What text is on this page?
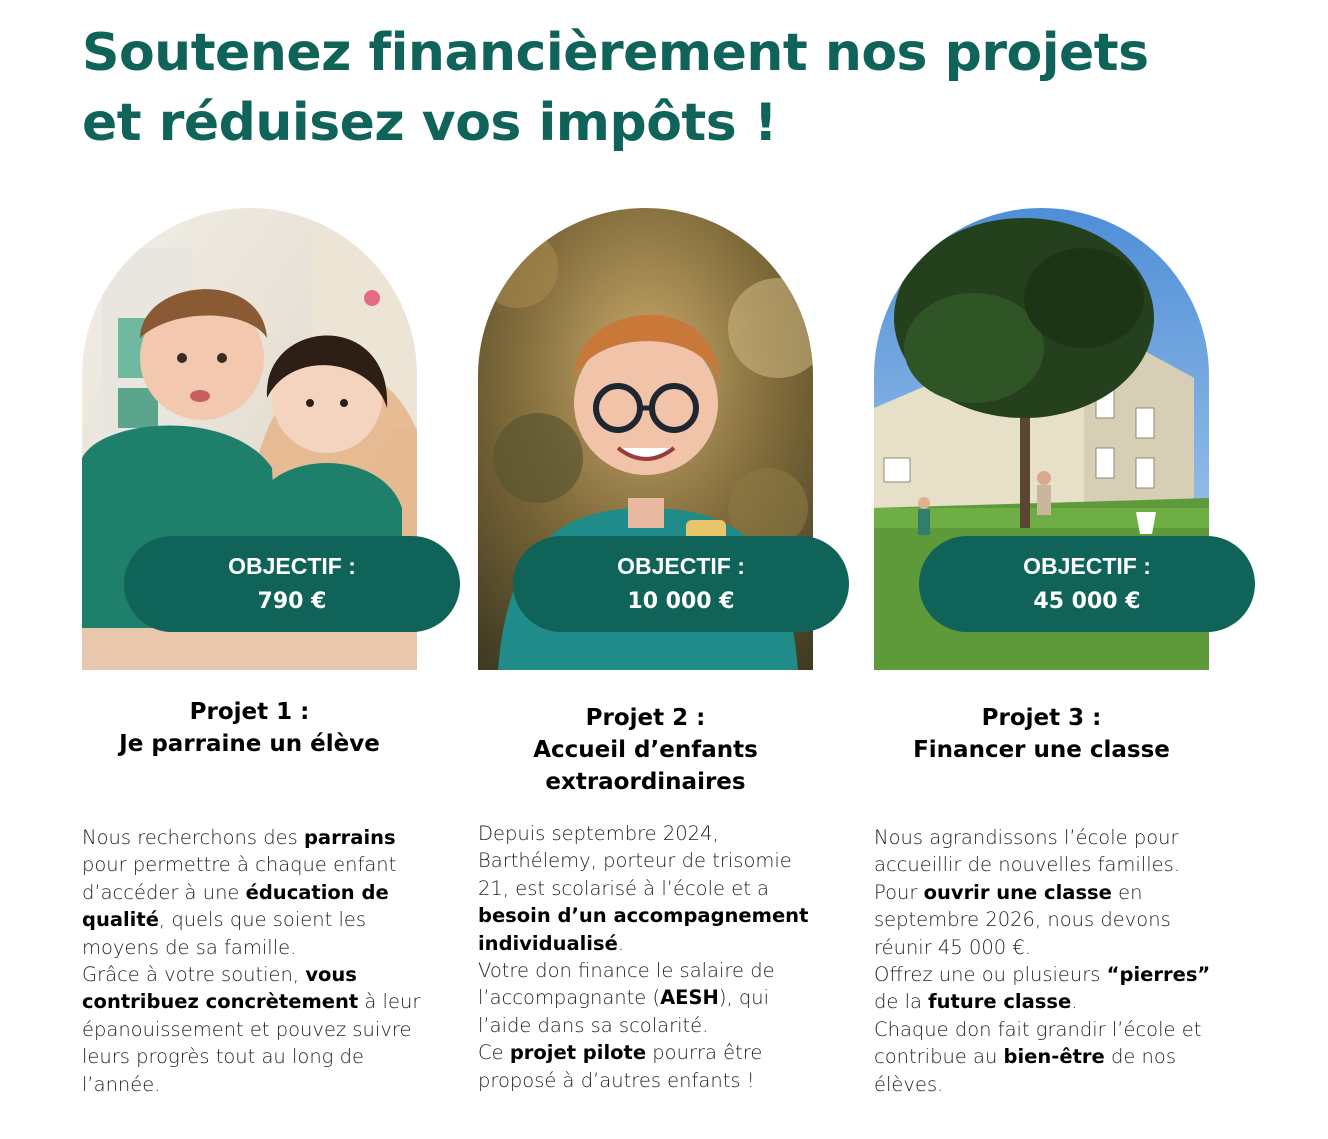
Soutenez financièrement nos projets
et réduisez vos impôts !
OBJECTIF :
790 €
Projet 1 :
Je parraine un élève

Nous recherchons des parrains pour permettre à chaque enfant d’accéder à une éducation de qualité, quels que soient les moyens de sa famille.
Grâce à votre soutien, vous contribuez concrètement à leur épanouissement et pouvez suivre leurs progrès tout au long de l’année.

OBJECTIF :
10 000 €
Projet 2 :
Accueil d’enfants
extraordinaires

Depuis septembre 2024, Barthélemy, porteur de trisomie 21, est scolarisé à l’école et a besoin d’un accompagnement individualisé.
Votre don finance le salaire de l’accompagnante (AESH), qui l’aide dans sa scolarité.
Ce projet pilote pourra être proposé à d’autres enfants !

OBJECTIF :
45 000 €
Projet 3 :
Financer une classe

Nous agrandissons l’école pour accueillir de nouvelles familles.
Pour ouvrir une classe en septembre 2026, nous devons réunir 45 000 €.
Offrez une ou plusieurs “pierres” de la future classe.
Chaque don fait grandir l’école et contribue au bien-être de nos élèves.
